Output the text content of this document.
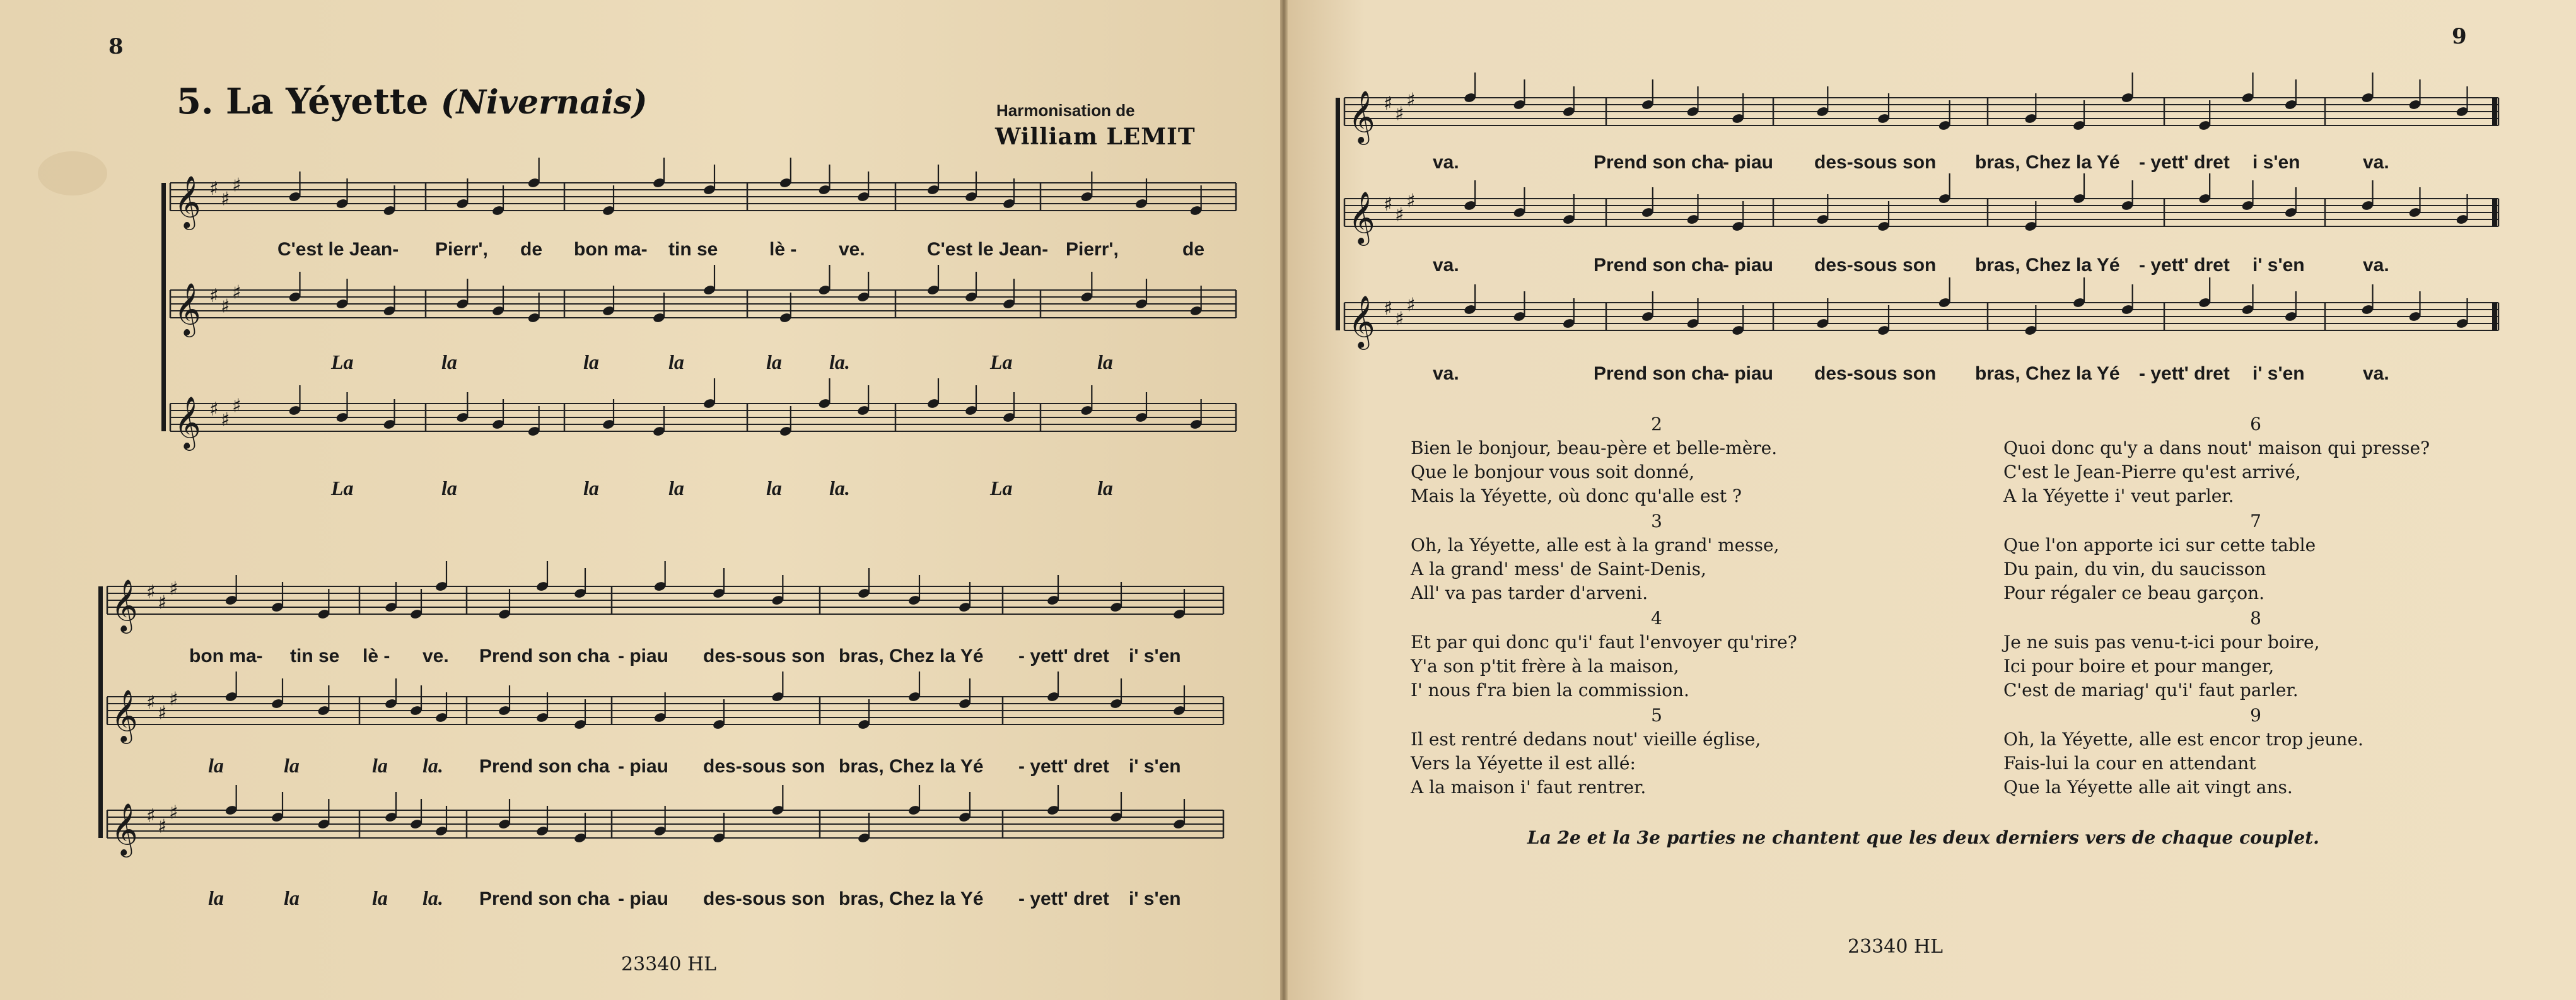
8
5. La Yéyette (Nivernais)	Harmonisation de
William LEMIT
𝄞 ♯ ♯
♯
𝄞 ♯ ♯
♯
𝄞 ♯ ♯
♯
C'est le Jean- Pierr', de bon ma- tin se	lè - ve.	C'est le Jean- Pierr',	de
La	la	la	la	la la.	La	la
La	la	la	la	la la.	La	la
𝄞 ♯ ♯
♯
𝄞 ♯ ♯
♯
𝄞 ♯ ♯
♯
bon ma- tin se lè - ve. Prend son cha - piau des-sous son bras, Chez la Yé - yett' dret i' s'en
la	la	la la. Prend son cha - piau des-sous son bras, Chez la Yé - yett' dret i' s'en
la	la	la la. Prend son cha - piau des-sous son bras, Chez la Yé - yett' dret i' s'en
23340 HL
9
𝄞 ♯ ♯
♯
𝄞 ♯ ♯
♯
𝄞 ♯ ♯
♯
va.	Prend son cha
- piau des-sous son bras, Chez la Yé - yett' dret i s'en	va.
va.	Prend son cha
- piau des-sous son bras, Chez la Yé - yett' dret i' s'en	va.
va.	Prend son cha
- piau des-sous son bras, Chez la Yé - yett' dret i' s'en	va.
2
Bien le bonjour, beau-père et belle-mère.
Que le bonjour vous soit donné,
Mais la Yéyette, où donc qu'alle est ?
3
Oh, la Yéyette, alle est à la grand' messe,
A la grand' mess' de Saint-Denis,
All' va pas tarder d'arveni.
4
Et par qui donc qu'i' faut l'envoyer qu'rire?
Y'a son p'tit frère à la maison,
I' nous f'ra bien la commission.
5
Il est rentré dedans nout' vieille église,
Vers la Yéyette il est allé:
A la maison i' faut rentrer.
6
Quoi donc qu'y a dans nout' maison qui presse?
C'est le Jean-Pierre qu'est arrivé,
A la Yéyette i' veut parler.
7
Que l'on apporte ici sur cette table
Du pain, du vin, du saucisson
Pour régaler ce beau garçon.
8
Je ne suis pas venu-t-ici pour boire,
Ici pour boire et pour manger,
C'est de mariag' qu'i' faut parler.
9
Oh, la Yéyette, alle est encor trop jeune.
Fais-lui la cour en attendant
Que la Yéyette alle ait vingt ans.
La 2e et la 3e parties ne chantent que les deux derniers vers de chaque couplet.
23340 HL
